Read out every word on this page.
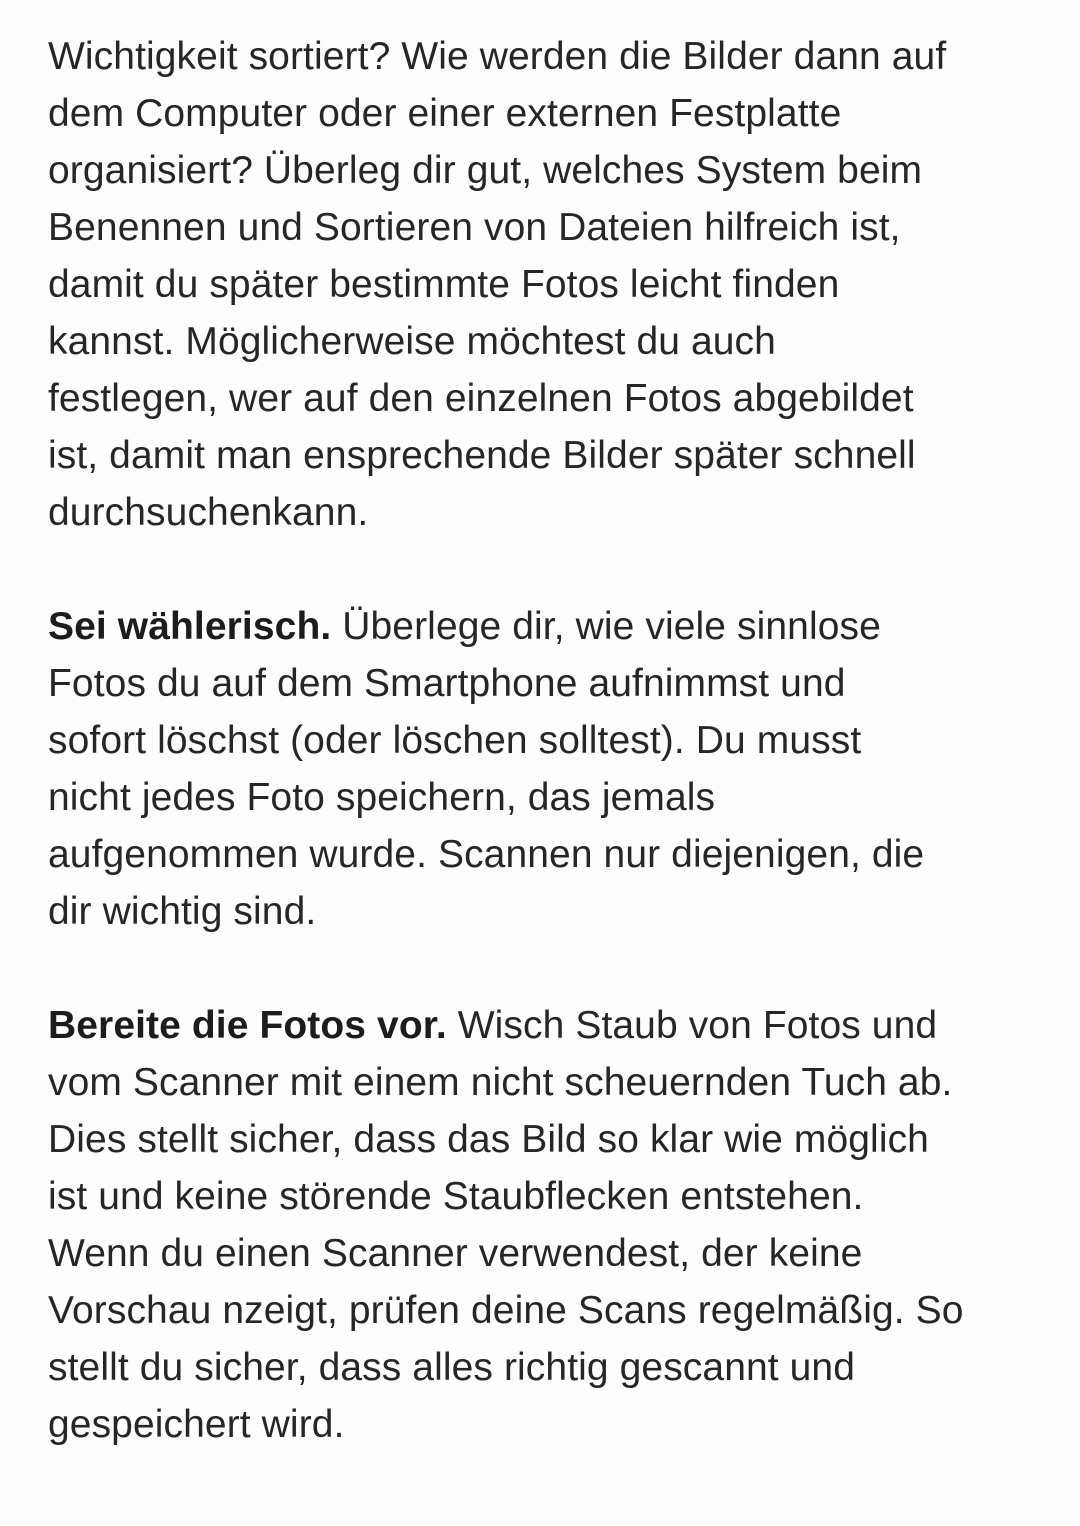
Wichtigkeit sortiert? Wie werden die Bilder dann auf
dem Computer oder einer externen Festplatte
organisiert? Überleg dir gut, welches System beim
Benennen und Sortieren von Dateien hilfreich ist,
damit du später bestimmte Fotos leicht finden
kannst. Möglicherweise möchtest du auch
festlegen, wer auf den einzelnen Fotos abgebildet
ist, damit man ensprechende Bilder später schnell
durchsuchenkann.

Sei wählerisch. Überlege dir, wie viele sinnlose
Fotos du auf dem Smartphone aufnimmst und
sofort löschst (oder löschen solltest). Du musst
nicht jedes Foto speichern, das jemals
aufgenommen wurde. Scannen nur diejenigen, die
dir wichtig sind.

Bereite die Fotos vor. Wisch Staub von Fotos und
vom Scanner mit einem nicht scheuernden Tuch ab.
Dies stellt sicher, dass das Bild so klar wie möglich
ist und keine störende Staubflecken entstehen.
Wenn du einen Scanner verwendest, der keine
Vorschau nzeigt, prüfen deine Scans regelmäßig. So
stellt du sicher, dass alles richtig gescannt und
gespeichert wird.
